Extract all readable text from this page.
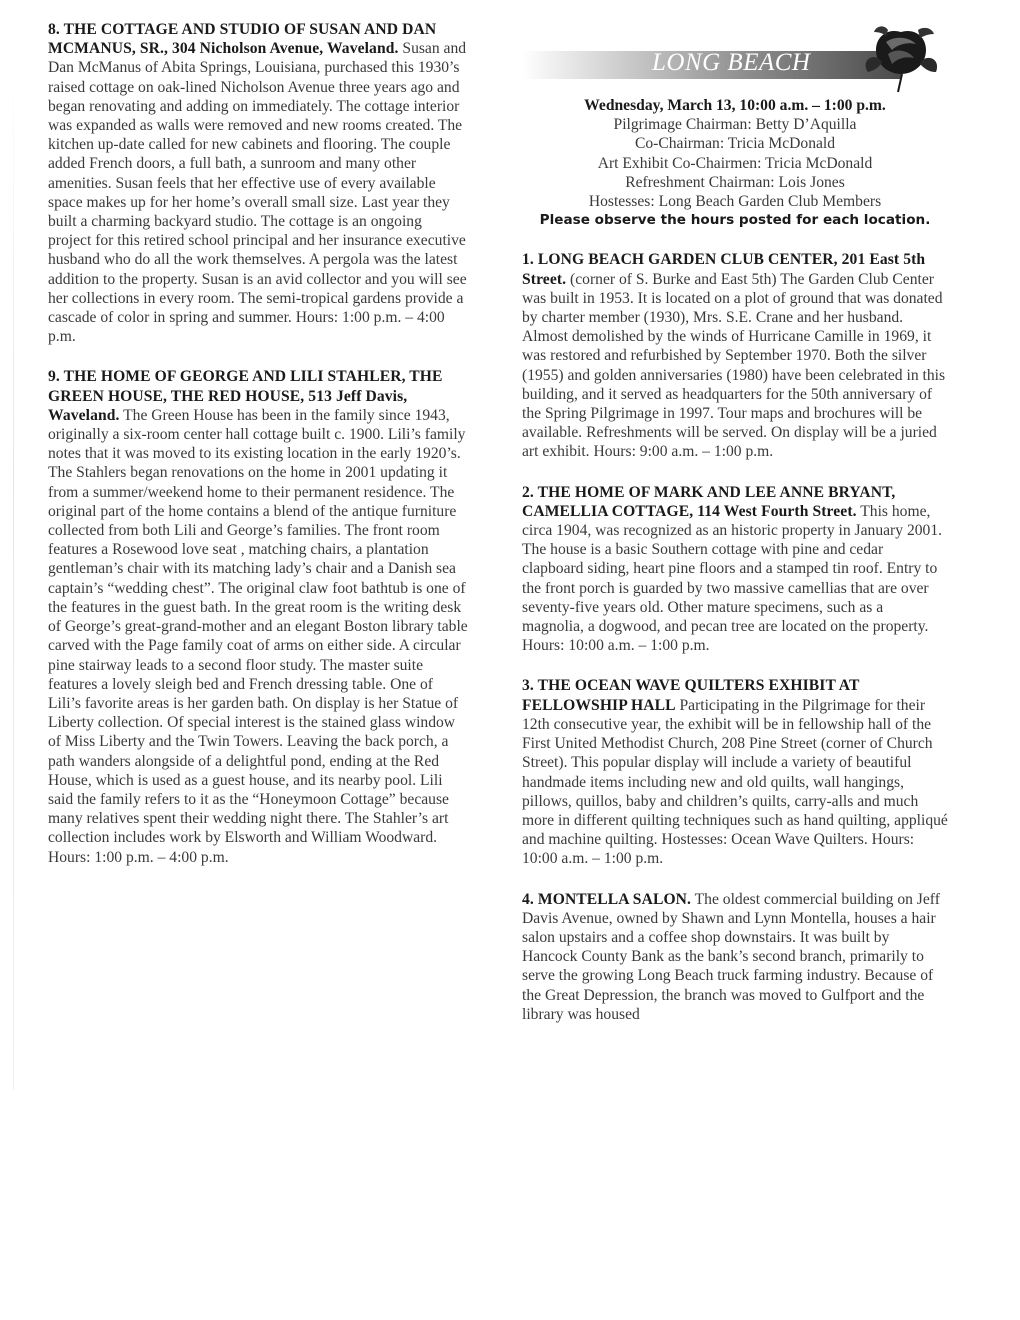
8. THE COTTAGE AND STUDIO OF SUSAN AND DAN MCMANUS, SR., 304 Nicholson Avenue, Waveland. Susan and Dan McManus of Abita Springs, Louisiana, purchased this 1930’s raised cottage on oak-lined Nicholson Avenue three years ago and began renovating and adding on immediately. The cottage interior was expanded as walls were removed and new rooms created. The kitchen up-date called for new cabinets and flooring. The couple added French doors, a full bath, a sunroom and many other amenities. Susan feels that her effective use of every available space makes up for her home’s overall small size. Last year they built a charming backyard studio. The cottage is an ongoing project for this retired school principal and her insurance executive husband who do all the work themselves. A pergola was the latest addition to the property. Susan is an avid collector and you will see her collections in every room. The semi-tropical gardens provide a cascade of color in spring and summer. Hours: 1:00 p.m. – 4:00 p.m.

9. THE HOME OF GEORGE AND LILI STAHLER, THE GREEN HOUSE, THE RED HOUSE, 513 Jeff Davis, Waveland. The Green House has been in the family since 1943, originally a six-room center hall cottage built c. 1900. Lili’s family notes that it was moved to its existing location in the early 1920’s. The Stahlers began renovations on the home in 2001 updating it from a summer/weekend home to their permanent residence. The original part of the home contains a blend of the antique furniture collected from both Lili and George’s families. The front room features a Rosewood love seat , matching chairs, a plantation gentleman’s chair with its matching lady’s chair and a Danish sea captain’s “wedding chest”. The original claw foot bathtub is one of the features in the guest bath. In the great room is the writing desk of George’s great-grand-mother and an elegant Boston library table carved with the Page family coat of arms on either side. A circular pine stairway leads to a second floor study. The master suite features a lovely sleigh bed and French dressing table. One of Lili’s favorite areas is her garden bath. On display is her Statue of Liberty collection. Of special interest is the stained glass window of Miss Liberty and the Twin Towers. Leaving the back porch, a path wanders alongside of a delightful pond, ending at the Red House, which is used as a guest house, and its nearby pool. Lili said the family refers to it as the “Honeymoon Cottage” because many relatives spent their wedding night there. The Stahler’s art collection includes work by Elsworth and William Woodward. Hours: 1:00 p.m. – 4:00 p.m.

LONG BEACH
Wednesday, March 13, 10:00 a.m. – 1:00 p.m.
Pilgrimage Chairman: Betty D’Aquilla
Co-Chairman: Tricia McDonald
Art Exhibit Co-Chairmen: Tricia McDonald
Refreshment Chairman: Lois Jones
Hostesses: Long Beach Garden Club Members
Please observe the hours posted for each location.

1. LONG BEACH GARDEN CLUB CENTER, 201 East 5th Street. (corner of S. Burke and East 5th) The Garden Club Center was built in 1953. It is located on a plot of ground that was donated by charter member (1930), Mrs. S.E. Crane and her husband. Almost demolished by the winds of Hurricane Camille in 1969, it was restored and refurbished by September 1970. Both the silver (1955) and golden anniversaries (1980) have been celebrated in this building, and it served as headquarters for the 50th anniversary of the Spring Pilgrimage in 1997. Tour maps and brochures will be available. Refreshments will be served. On display will be a juried art exhibit. Hours: 9:00 a.m. – 1:00 p.m.

2. THE HOME OF MARK AND LEE ANNE BRYANT, CAMELLIA COTTAGE, 114 West Fourth Street. This home, circa 1904, was recognized as an historic property in January 2001. The house is a basic Southern cottage with pine and cedar clapboard siding, heart pine floors and a stamped tin roof. Entry to the front porch is guarded by two massive camellias that are over seventy-five years old. Other mature specimens, such as a magnolia, a dogwood, and pecan tree are located on the property. Hours: 10:00 a.m. – 1:00 p.m.

3. THE OCEAN WAVE QUILTERS EXHIBIT AT FELLOWSHIP HALL Participating in the Pilgrimage for their 12th consecutive year, the exhibit will be in fellowship hall of the First United Methodist Church, 208 Pine Street (corner of Church Street). This popular display will include a variety of beautiful handmade items including new and old quilts, wall hangings, pillows, quillos, baby and children’s quilts, carry-alls and much more in different quilting techniques such as hand quilting, appliqué and machine quilting. Hostesses: Ocean Wave Quilters. Hours: 10:00 a.m. – 1:00 p.m.

4. MONTELLA SALON. The oldest commercial building on Jeff Davis Avenue, owned by Shawn and Lynn Montella, houses a hair salon upstairs and a coffee shop downstairs. It was built by Hancock County Bank as the bank’s second branch, primarily to serve the growing Long Beach truck farming industry. Because of the Great Depression, the branch was moved to Gulfport and the library was housed
